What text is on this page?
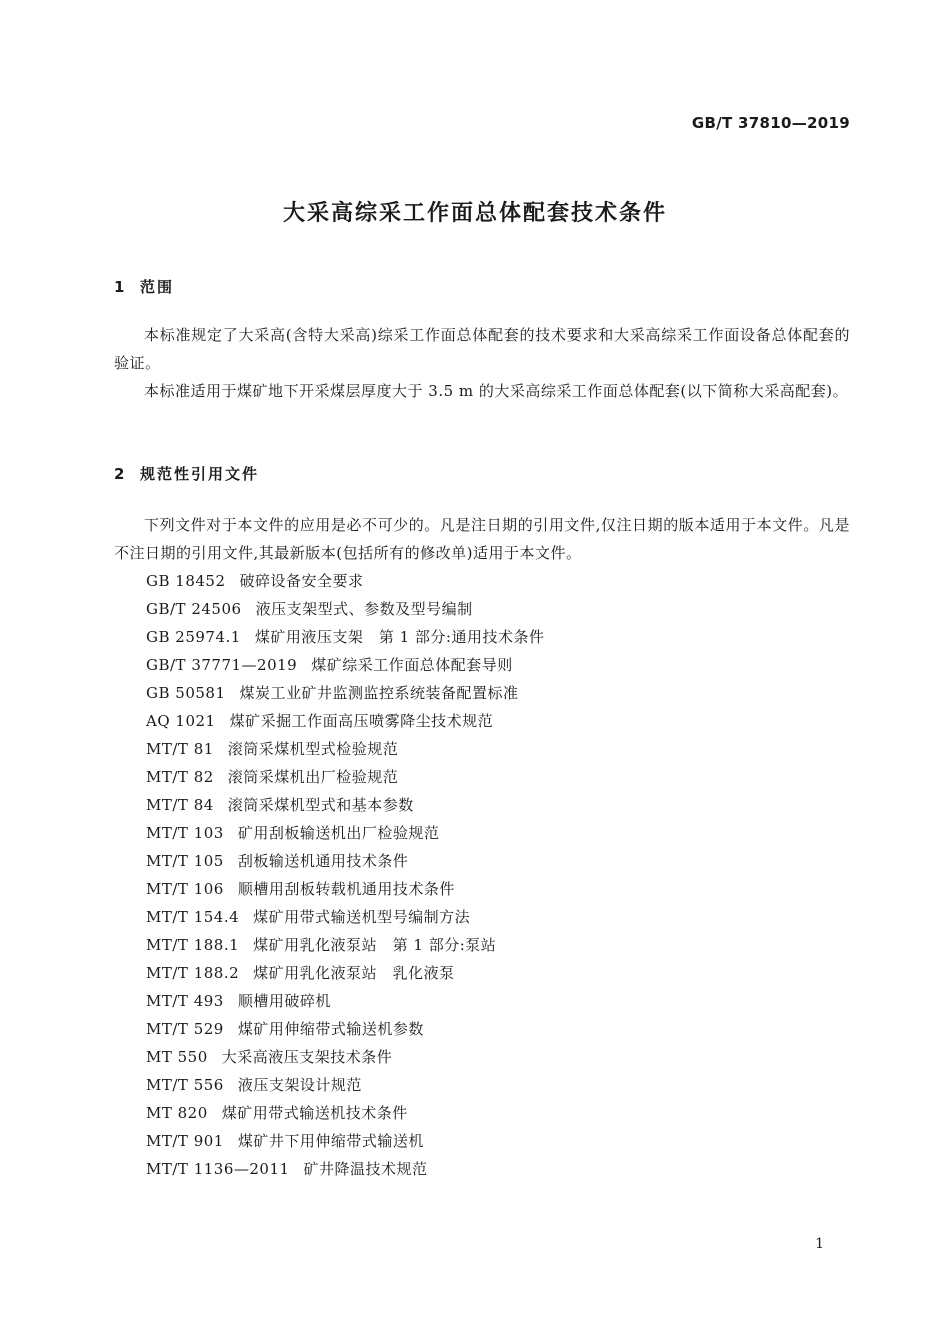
GB/T 37810—2019
大采高综采工作面总体配套技术条件
1 范围

本标准规定了大采高(含特大采高)综采工作面总体配套的技术要求和大采高综采工作面设备总体配套的验证。

本标准适用于煤矿地下开采煤层厚度大于 3.5 m 的大采高综采工作面总体配套(以下简称大采高配套)。

2 规范性引用文件

下列文件对于本文件的应用是必不可少的。凡是注日期的引用文件,仅注日期的版本适用于本文件。凡是不注日期的引用文件,其最新版本(包括所有的修改单)适用于本文件。

GB 18452 破碎设备安全要求
GB/T 24506 液压支架型式、参数及型号编制
GB 25974.1 煤矿用液压支架　第 1 部分:通用技术条件
GB/T 37771—2019 煤矿综采工作面总体配套导则
GB 50581 煤炭工业矿井监测监控系统装备配置标准
AQ 1021 煤矿采掘工作面高压喷雾降尘技术规范
MT/T 81 滚筒采煤机型式检验规范
MT/T 82 滚筒采煤机出厂检验规范
MT/T 84 滚筒采煤机型式和基本参数
MT/T 103 矿用刮板输送机出厂检验规范
MT/T 105 刮板输送机通用技术条件
MT/T 106 顺槽用刮板转载机通用技术条件
MT/T 154.4 煤矿用带式输送机型号编制方法
MT/T 188.1 煤矿用乳化液泵站　第 1 部分:泵站
MT/T 188.2 煤矿用乳化液泵站　乳化液泵
MT/T 493 顺槽用破碎机
MT/T 529 煤矿用伸缩带式输送机参数
MT 550 大采高液压支架技术条件
MT/T 556 液压支架设计规范
MT 820 煤矿用带式输送机技术条件
MT/T 901 煤矿井下用伸缩带式输送机
MT/T 1136—2011 矿井降温技术规范
1
